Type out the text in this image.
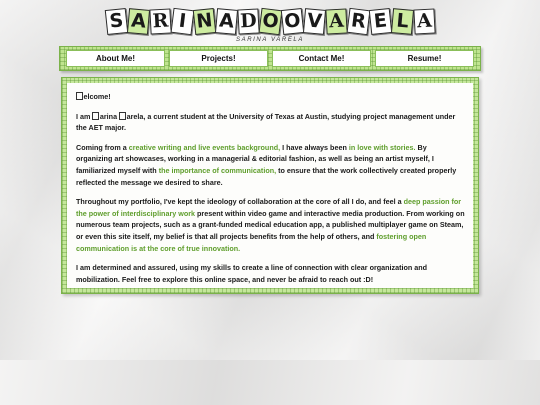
S A R I N A D O O V A R E L A
SARINA VARELA
About Me!	Projects!	Contact Me!	Resume!

elcome!

I am arina arela, a current student at the University of Texas at Austin, studying project management under the AET major.

Coming from a creative writing and live events background, I have always been in love with stories. By organizing art showcases, working in a managerial & editorial fashion, as well as being an artist myself, I familiarized myself with the importance of communication, to ensure that the work collectively created properly reflected the message we desired to share.

Throughout my portfolio, I've kept the ideology of collaboration at the core of all I do, and feel a deep passion for the power of interdisciplinary work present within video game and interactive media production. From working on numerous team projects, such as a grant-funded medical education app, a published multiplayer game on Steam, or even this site itself, my belief is that all projects benefits from the help of others, and fostering open communication is at the core of true innovation.

I am determined and assured, using my skills to create a line of connection with clear organization and mobilization. Feel free to explore this online space, and never be afraid to reach out :D!
